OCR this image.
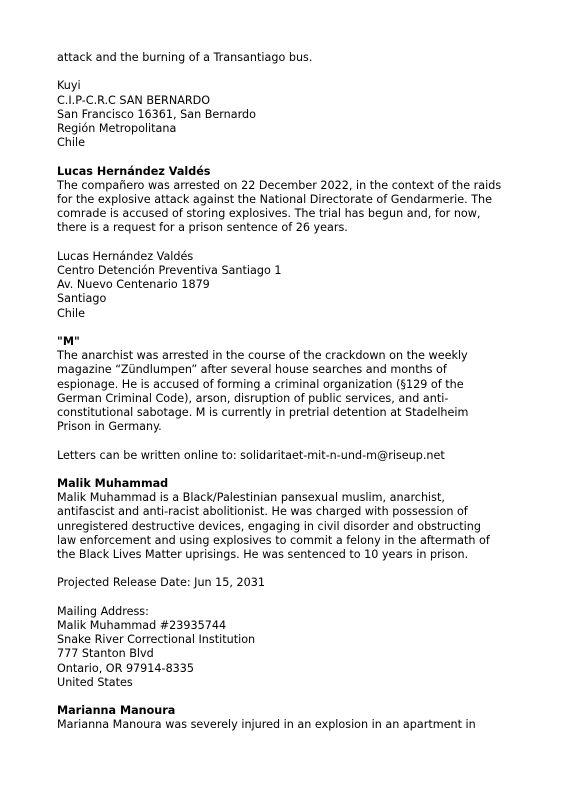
attack and the burning of a Transantiago bus.
Kuyi
C.I.P-C.R.C SAN BERNARDO
San Francisco 16361, San Bernardo
Región Metropolitana
Chile
Lucas Hernández Valdés
The compañero was arrested on 22 December 2022, in the context of the raids
for the explosive attack against the National Directorate of Gendarmerie. The
comrade is accused of storing explosives. The trial has begun and, for now,
there is a request for a prison sentence of 26 years.
Lucas Hernández Valdés
Centro Detención Preventiva Santiago 1
Av. Nuevo Centenario 1879
Santiago
Chile
"M"
The anarchist was arrested in the course of the crackdown on the weekly
magazine “Zündlumpen” after several house searches and months of
espionage. He is accused of forming a criminal organization (§129 of the
German Criminal Code), arson, disruption of public services, and anti-
constitutional sabotage. M is currently in pretrial detention at Stadelheim
Prison in Germany.
Letters can be written online to: solidaritaet-mit-n-und-m@riseup.net
Malik Muhammad
Malik Muhammad is a Black/Palestinian pansexual muslim, anarchist,
antifascist and anti-racist abolitionist. He was charged with possession of
unregistered destructive devices, engaging in civil disorder and obstructing
law enforcement and using explosives to commit a felony in the aftermath of
the Black Lives Matter uprisings. He was sentenced to 10 years in prison.
Projected Release Date: Jun 15, 2031
Mailing Address:
Malik Muhammad #23935744
Snake River Correctional Institution
777 Stanton Blvd
Ontario, OR 97914-8335
United States
Marianna Manoura
Marianna Manoura was severely injured in an explosion in an apartment in
